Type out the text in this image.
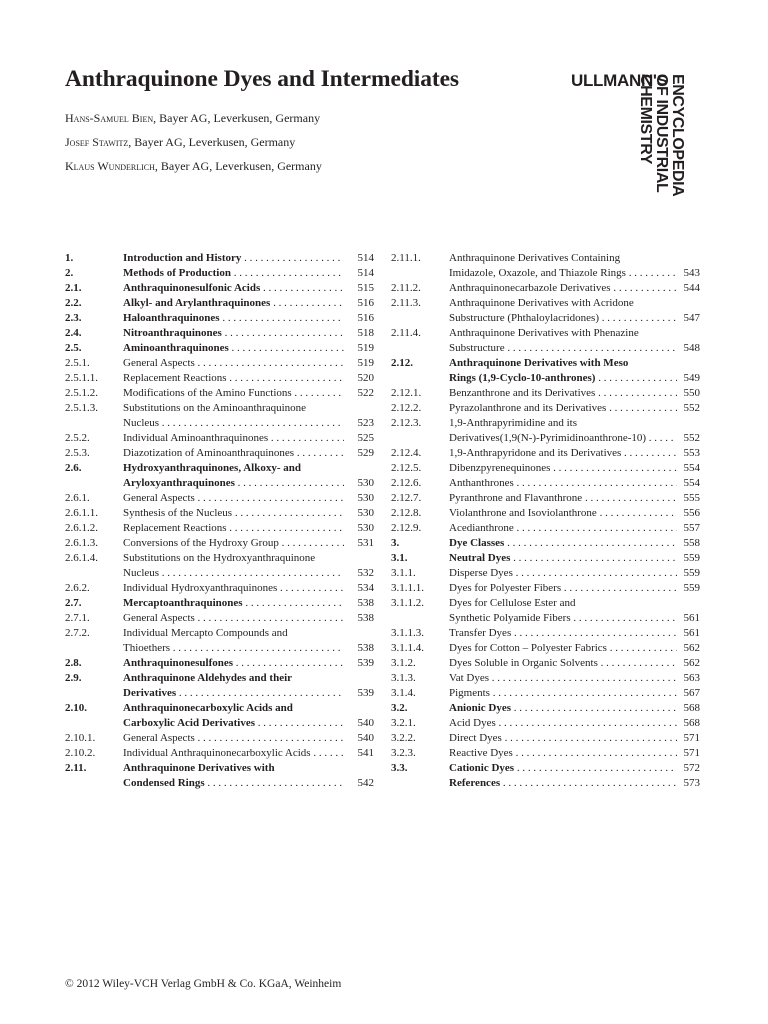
Anthraquinone Dyes and Intermediates
Hans-Samuel Bien, Bayer AG, Leverkusen, Germany
Josef Stawitz, Bayer AG, Leverkusen, Germany
Klaus Wunderlich, Bayer AG, Leverkusen, Germany
ULLMANN'S ENCYCLOPEDIA
OF INDUSTRIAL
CHEMISTRY
1.	Introduction and History . . .	514
2.	Methods of Production . . .	514
2.1.	Anthraquinonesulfonic Acids . . .	515
2.2.	Alkyl- and Arylanthraquinones . . .	516
2.3.	Haloanthraquinones . . .	516
2.4.	Nitroanthraquinones . . .	518
2.5.	Aminoanthraquinones . . .	519
2.5.1.	General Aspects . . .	519
2.5.1.1. Replacement Reactions . . .	520
2.5.1.2. Modifications of the Amino Functions . . .	522
2.5.1.3. Substitutions on the Aminoanthraquinone
Nucleus . . .	523
2.5.2.	Individual Aminoanthraquinones . . .	525
2.5.3.	Diazotization of Aminoanthraquinones . . .	529
2.6.	Hydroxyanthraquinones, Alkoxy- and
Aryloxyanthraquinones . . .	530
2.6.1.	General Aspects . . .	530
2.6.1.1. Synthesis of the Nucleus . . .	530
2.6.1.2. Replacement Reactions . . .	530
2.6.1.3. Conversions of the Hydroxy Group . . .	531
2.6.1.4. Substitutions on the Hydroxyanthraquinone
Nucleus . . .	532
2.6.2.	Individual Hydroxyanthraquinones . . .	534
2.7.	Mercaptoanthraquinones . . .	538
2.7.1.	General Aspects . . .	538
2.7.2.	Individual Mercapto Compounds and
Thioethers . . .	538
2.8.	Anthraquinonesulfones . . .	539
2.9.	Anthraquinone Aldehydes and their
Derivatives . . .	539
2.10.	Anthraquinonecarboxylic Acids and
Carboxylic Acid Derivatives . . .	540
2.10.1.	General Aspects . . .	540
2.10.2.	Individual Anthraquinonecarboxylic Acids . . .	541
2.11.	Anthraquinone Derivatives with
Condensed Rings . . .	542
2.11.1.	Anthraquinone Derivatives Containing
Imidazole, Oxazole, and Thiazole Rings . . .	543
2.11.2.	Anthraquinonecarbazole Derivatives . . .	544
2.11.3.	Anthraquinone Derivatives with Acridone
Substructure (Phthaloylacridones) . . .	547
2.11.4.	Anthraquinone Derivatives with Phenazine
Substructure . . .	548
2.12.	Anthraquinone Derivatives with Meso
Rings (1,9-Cyclo-10-anthrones) . . .	549
2.12.1.	Benzanthrone and its Derivatives . . .	550
2.12.2.	Pyrazolanthrone and its Derivatives . . .	552
2.12.3.	1,9-Anthrapyrimidine and its
Derivatives(1,9(N-)-Pyrimidinoanthrone-10) . . .	552
2.12.4.	1,9-Anthrapyridone and its Derivatives . . .	553
2.12.5.	Dibenzpyrenequinones . . .	554
2.12.6.	Anthanthrones . . .	554
2.12.7.	Pyranthrone and Flavanthrone . . .	555
2.12.8.	Violanthrone and Isoviolanthrone . . .	556
2.12.9.	Acedianthrone . . .	557
3.	Dye Classes . . .	558
3.1.	Neutral Dyes . . .	559
3.1.1.	Disperse Dyes . . .	559
3.1.1.1. Dyes for Polyester Fibers . . .	559
3.1.1.2. Dyes for Cellulose Ester and
Synthetic Polyamide Fibers . . .	561
3.1.1.3. Transfer Dyes . . .	561
3.1.1.4. Dyes for Cotton – Polyester Fabrics . . .	562
3.1.2.	Dyes Soluble in Organic Solvents . . .	562
3.1.3.	Vat Dyes . . .	563
3.1.4.	Pigments . . .	567
3.2.	Anionic Dyes . . .	568
3.2.1.	Acid Dyes . . .	568
3.2.2.	Direct Dyes . . .	571
3.2.3.	Reactive Dyes . . .	571
3.3.	Cationic Dyes . . .	572
References . . .	573
© 2012 Wiley-VCH Verlag GmbH & Co. KGaA, Weinheim
